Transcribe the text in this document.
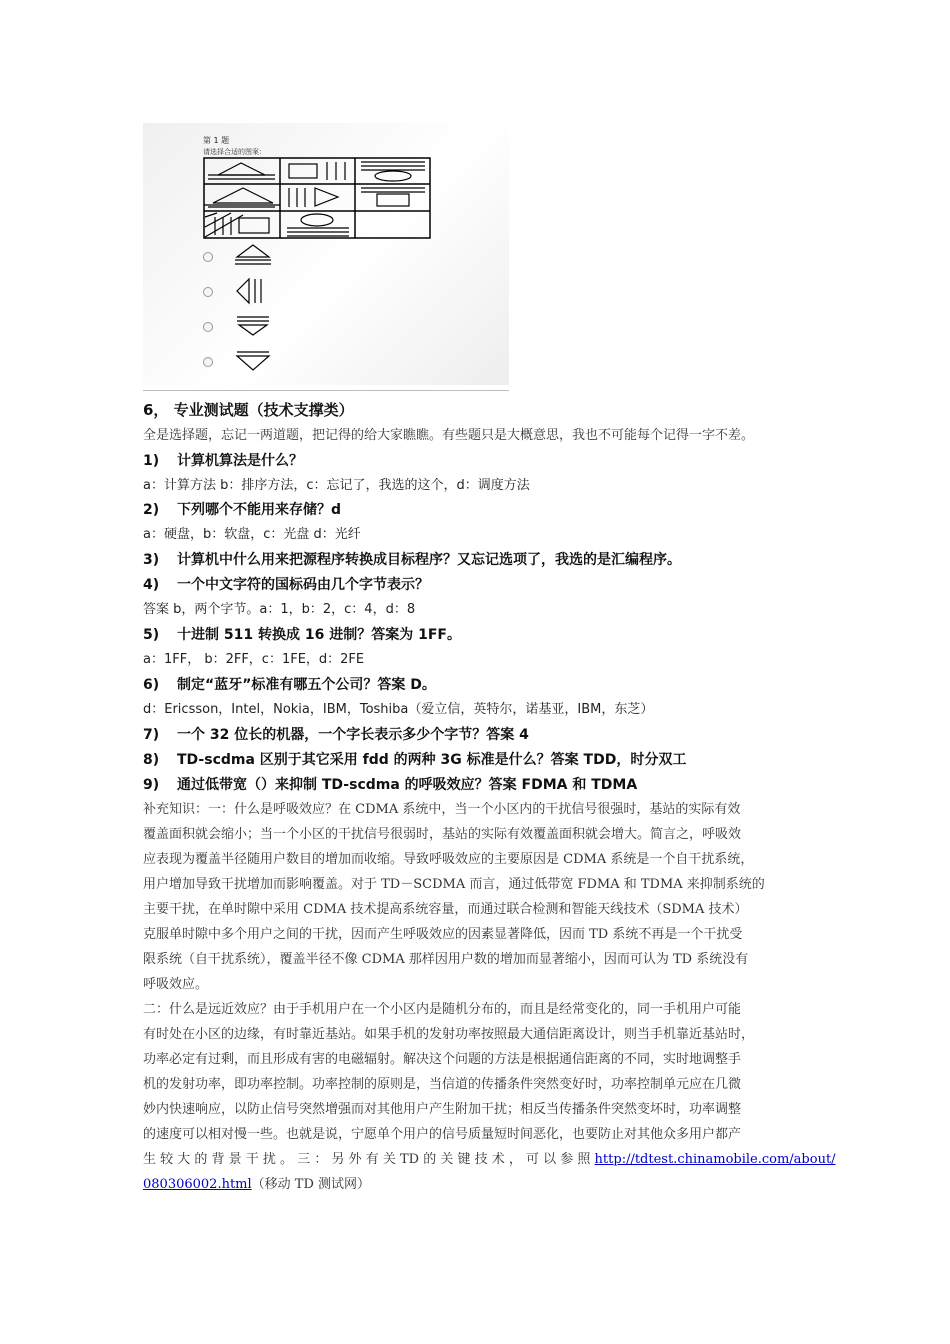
第 1 题
请选择合适的图案：
6， 专业测试题（技术支撑类）
全是选择题，忘记一两道题，把记得的给大家瞧瞧。有些题只是大概意思，我也不可能每个记得一字不差。
1) 计算机算法是什么？
a：计算方法 b：排序方法，c：忘记了，我选的这个，d：调度方法
2) 下列哪个不能用来存储？d
a：硬盘，b：软盘，c：光盘 d：光纤
3) 计算机中什么用来把源程序转换成目标程序？又忘记选项了，我选的是汇编程序。
4) 一个中文字符的国标码由几个字节表示？
答案 b，两个字节。a：1，b：2，c：4，d：8
5) 十进制 511 转换成 16 进制？答案为 1FF。
a：1FF， b：2FF，c：1FE，d：2FE
6) 制定“蓝牙”标准有哪五个公司？答案 D。
d：Ericsson，Intel，Nokia，IBM，Toshiba（爱立信，英特尔，诺基亚，IBM，东芝）
7) 一个 32 位长的机器，一个字长表示多少个字节？答案 4
8) TD-scdma 区别于其它采用 fdd 的两种 3G 标准是什么？答案 TDD，时分双工
9) 通过低带宽（）来抑制 TD-scdma 的呼吸效应？答案 FDMA 和 TDMA
补充知识：一：什么是呼吸效应？在 CDMA 系统中，当一个小区内的干扰信号很强时，基站的实际有效
覆盖面积就会缩小；当一个小区的干扰信号很弱时，基站的实际有效覆盖面积就会增大。简言之，呼吸效
应表现为覆盖半径随用户数目的增加而收缩。导致呼吸效应的主要原因是 CDMA 系统是一个自干扰系统，
用户增加导致干扰增加而影响覆盖。对于 TD－SCDMA 而言，通过低带宽 FDMA 和 TDMA 来抑制系统的
主要干扰，在单时隙中采用 CDMA 技术提高系统容量，而通过联合检测和智能天线技术（SDMA 技术）
克服单时隙中多个用户之间的干扰，因而产生呼吸效应的因素显著降低，因而 TD 系统不再是一个干扰受
限系统（自干扰系统），覆盖半径不像 CDMA 那样因用户数的增加而显著缩小，因而可认为 TD 系统没有
呼吸效应。
二：什么是远近效应？由于手机用户在一个小区内是随机分布的，而且是经常变化的，同一手机用户可能
有时处在小区的边缘，有时靠近基站。如果手机的发射功率按照最大通信距离设计，则当手机靠近基站时，
功率必定有过剩，而且形成有害的电磁辐射。解决这个问题的方法是根据通信距离的不同，实时地调整手
机的发射功率，即功率控制。功率控制的原则是，当信道的传播条件突然变好时，功率控制单元应在几微
妙内快速响应，以防止信号突然增强而对其他用户产生附加干扰；相反当传播条件突然变坏时，功率调整
的速度可以相对慢一些。也就是说，宁愿单个用户的信号质量短时间恶化，也要防止对其他众多用户都产
生 较 大 的 背 景 干 扰 。 三 ： 另 外 有 关 TD 的 关 键 技 术 ， 可 以 参 照 http://tdtest.chinamobile.com/about/
080306002.html（移动 TD 测试网）
